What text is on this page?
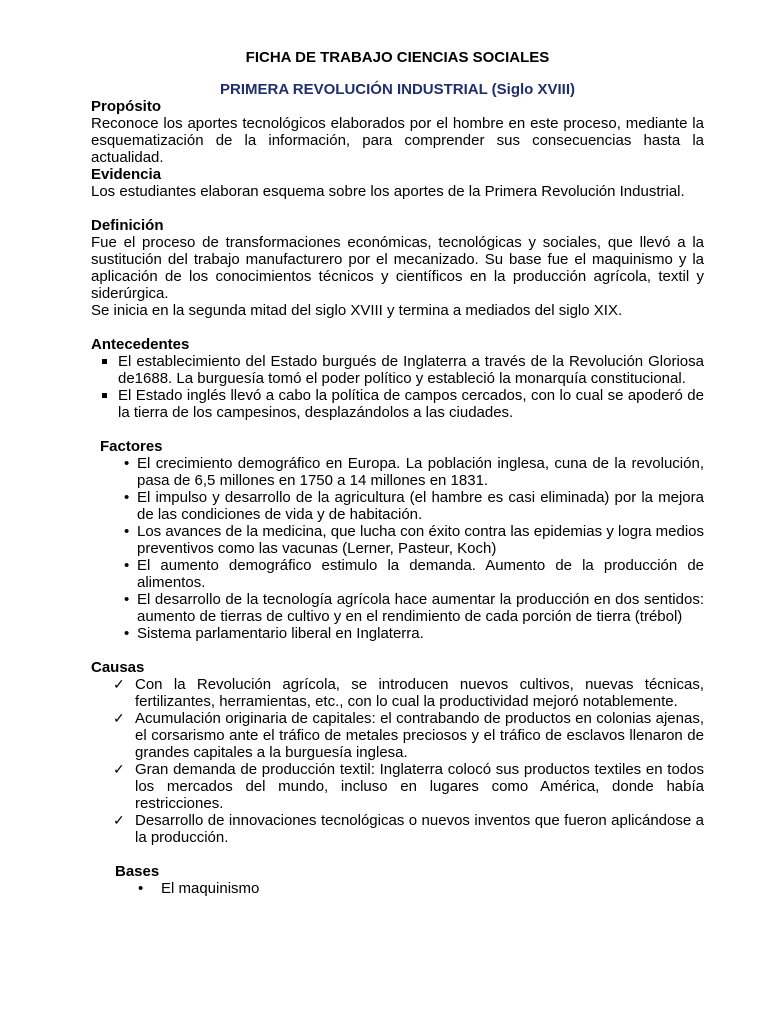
FICHA DE TRABAJO CIENCIAS SOCIALES
PRIMERA REVOLUCIÓN INDUSTRIAL (Siglo XVIII)
Propósito

Reconoce los aportes tecnológicos elaborados por el hombre en este proceso, mediante la esquematización de la información, para comprender sus consecuencias hasta la actualidad.

Evidencia

Los estudiantes elaboran esquema sobre los aportes de la Primera Revolución Industrial.

Definición

Fue el proceso de transformaciones económicas, tecnológicas y sociales, que llevó a la sustitución del trabajo manufacturero por el mecanizado. Su base fue el maquinismo y la aplicación de los conocimientos técnicos y científicos en la producción agrícola, textil y siderúrgica.

Se inicia en la segunda mitad del siglo XVIII y termina a mediados del siglo XIX.

Antecedentes
El establecimiento del Estado burgués de Inglaterra a través de la Revolución Gloriosa de1688. La burguesía tomó el poder político y estableció la monarquía constitucional.
El Estado inglés llevó a cabo la política de campos cercados, con lo cual se apoderó de la tierra de los campesinos, desplazándolos a las ciudades.
Factores
• El crecimiento demográfico en Europa. La población inglesa, cuna de la revolución, pasa de 6,5 millones en 1750 a 14 millones en 1831.
• El impulso y desarrollo de la agricultura (el hambre es casi eliminada) por la mejora de las condiciones de vida y de habitación.
• Los avances de la medicina, que lucha con éxito contra las epidemias y logra medios preventivos como las vacunas (Lerner, Pasteur, Koch)
• El aumento demográfico estimulo la demanda. Aumento de la producción de alimentos.
• El desarrollo de la tecnología agrícola hace aumentar la producción en dos sentidos: aumento de tierras de cultivo y en el rendimiento de cada porción de tierra (trébol)
• Sistema parlamentario liberal en Inglaterra.
Causas
✓ Con la Revolución agrícola, se introducen nuevos cultivos, nuevas técnicas, fertilizantes, herramientas, etc., con lo cual la productividad mejoró notablemente.
✓ Acumulación originaria de capitales: el contrabando de productos en colonias ajenas, el corsarismo ante el tráfico de metales preciosos y el tráfico de esclavos llenaron de grandes capitales a la burguesía inglesa.
✓ Gran demanda de producción textil: Inglaterra colocó sus productos textiles en todos los mercados del mundo, incluso en lugares como América, donde había restricciones.
✓ Desarrollo de innovaciones tecnológicas o nuevos inventos que fueron aplicándose a la producción.
Bases
• El maquinismo
